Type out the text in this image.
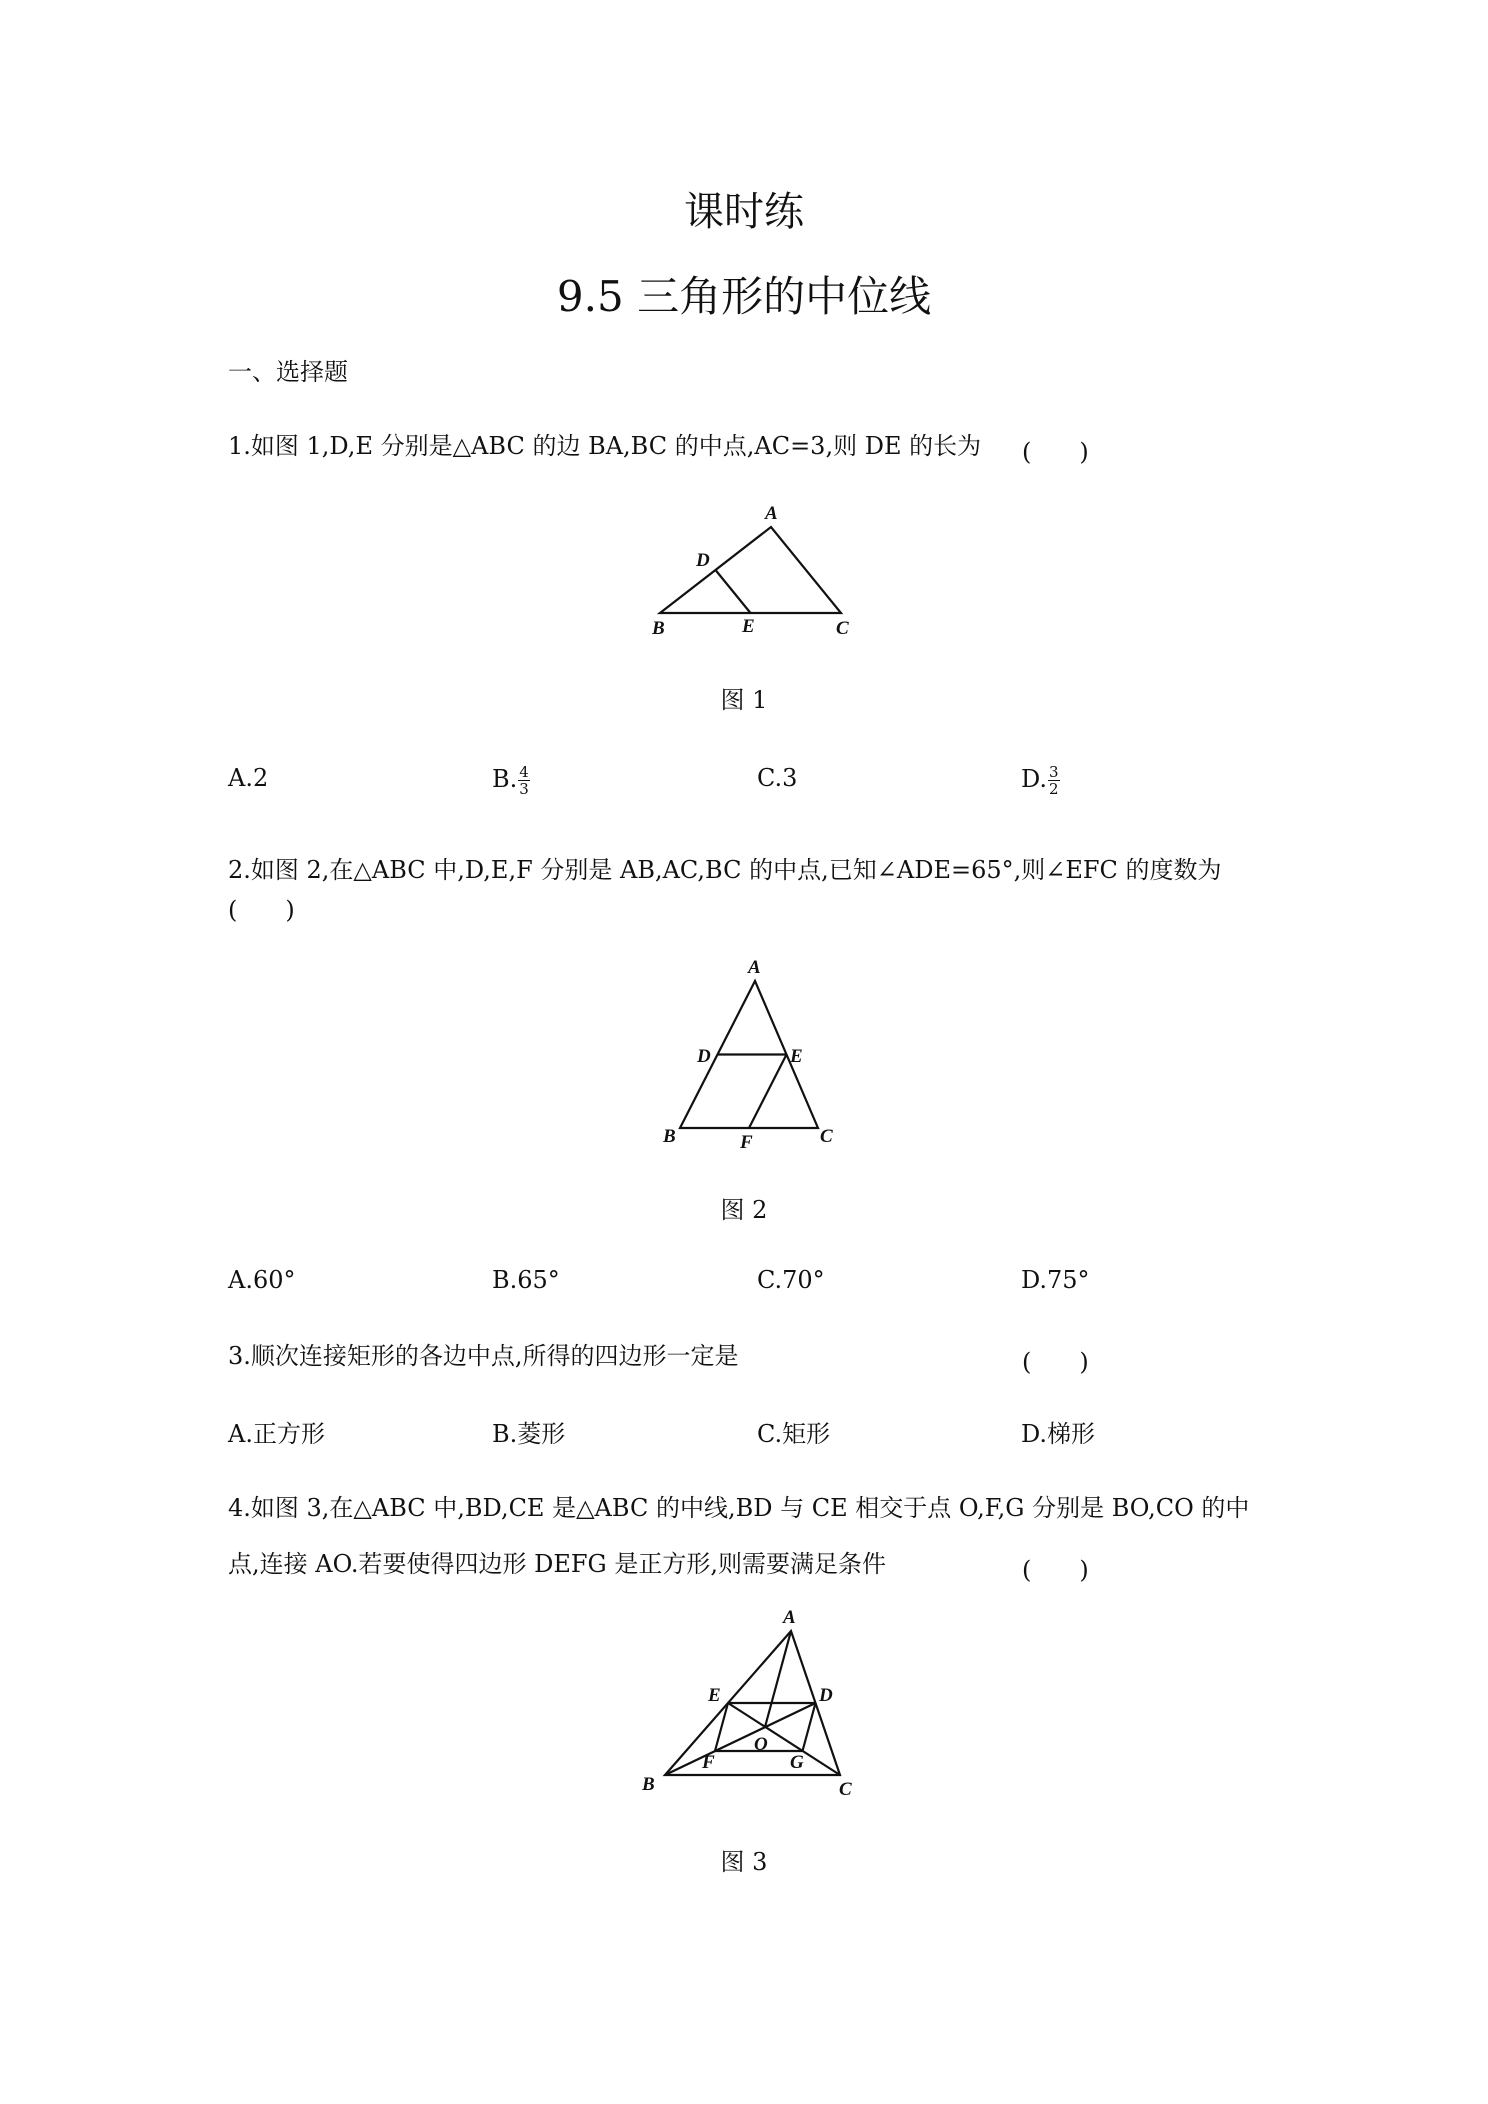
课时练
9.5 三角形的中位线
一、选择题
1.如图 1,D,E 分别是△ABC 的边 BA,BC 的中点,AC=3,则 DE 的长为	(　　)
A
D
B	E	C
图 1
A.2	B. $\frac{4}{3}$	C.3	D. $\frac{3}{2}$
2.如图 2,在△ABC 中,D,E,F 分别是 AB,AC,BC 的中点,已知∠ADE=65°,则∠EFC 的度数为
(　　)
A
D	E
B	F	C
图 2
A.60°	B.65°	C.70°	D.75°
3.顺次连接矩形的各边中点,所得的四边形一定是	(　　)
A.正方形	B.菱形	C.矩形	D.梯形
4.如图 3,在△ABC 中,BD,CE 是△ABC 的中线,BD 与 CE 相交于点 O,F,G 分别是 BO,CO 的中
点,连接 AO.若要使得四边形 DEFG 是正方形,则需要满足条件	(　　)
A
E	D
O
F	G
B	C
图 3
